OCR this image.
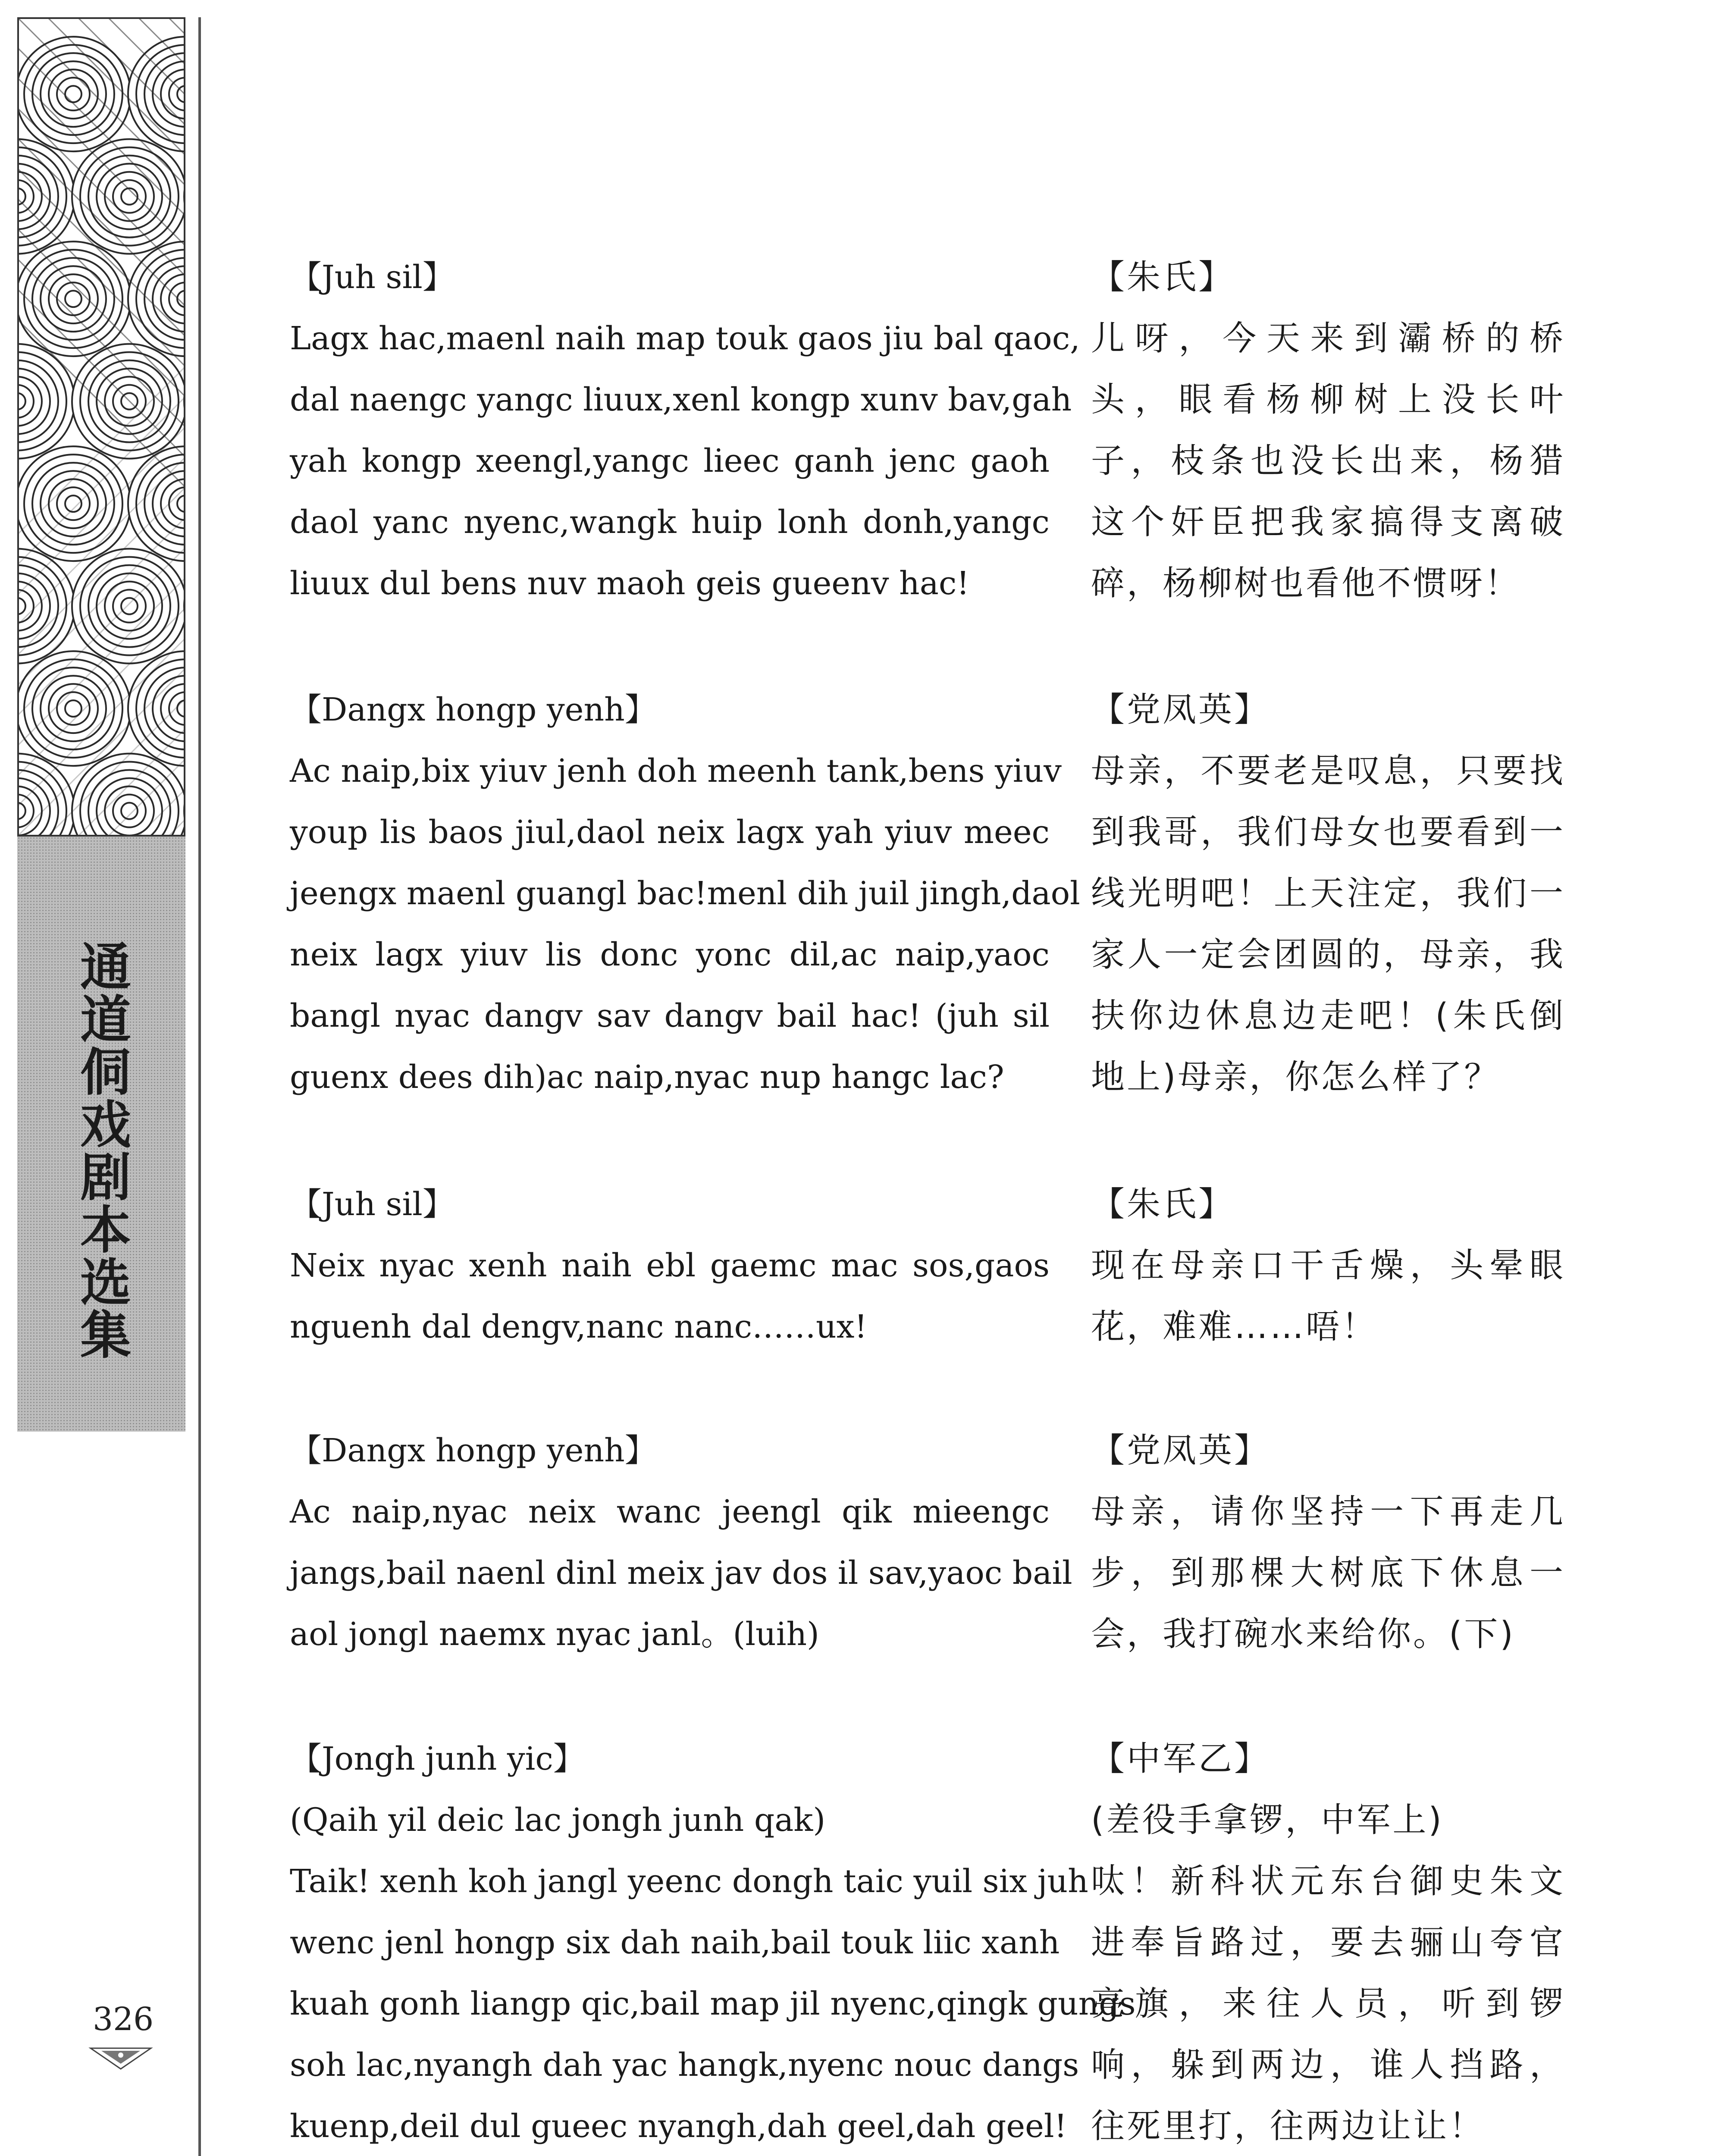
通道侗戏剧本选集
326
【Juh sil】
Lagx hac,maenl naih map touk gaos jiu bal qaoc,
dal naengc yangc liuux,xenl kongp xunv bav,gah
yah kongp xeengl,yangc lieec ganh jenc gaoh
daol yanc nyenc,wangk huip lonh donh,yangc
liuux dul bens nuv maoh geis gueenv hac!
【朱氏】
儿呀，今天来到灞桥的桥
头，眼看杨柳树上没长叶
子，枝条也没长出来，杨猎
这个奸臣把我家搞得支离破
碎，杨柳树也看他不惯呀！
【Dangx hongp yenh】
Ac naip,bix yiuv jenh doh meenh tank,bens yiuv
youp lis baos jiul,daol neix lagx yah yiuv meec
jeengx maenl guangl bac!menl dih juil jingh,daol
neix lagx yiuv lis donc yonc dil,ac naip,yaoc
bangl nyac dangv sav dangv bail hac! (juh sil
guenx dees dih)ac naip,nyac nup hangc lac?
【党凤英】
母亲，不要老是叹息，只要找
到我哥，我们母女也要看到一
线光明吧！上天注定，我们一
家人一定会团圆的，母亲，我
扶你边休息边走吧！(朱氏倒
地上)母亲，你怎么样了？
【Juh sil】
Neix nyac xenh naih ebl gaemc mac sos,gaos
nguenh dal dengv,nanc nanc……ux!
【朱氏】
现在母亲口干舌燥，头晕眼
花，难难……唔！
【Dangx hongp yenh】
Ac naip,nyac neix wanc jeengl qik mieengc
jangs,bail naenl dinl meix jav dos il sav,yaoc bail
aol jongl naemx nyac janl。(luih)
【党凤英】
母亲，请你坚持一下再走几
步，到那棵大树底下休息一
会，我打碗水来给你。(下)
【Jongh junh yic】
(Qaih yil deic lac jongh junh qak)
Taik! xenh koh jangl yeenc dongh taic yuil six juh
wenc jenl hongp six dah naih,bail touk liic xanh
kuah gonh liangp qic,bail map jil nyenc,qingk gungs
soh lac,nyangh dah yac hangk,nyenc nouc dangs
kuenp,deil dul gueec nyangh,dah geel,dah geel!
【中军乙】
(差役手拿锣，中军上)
呔！新科状元东台御史朱文
进奉旨路过，要去骊山夸官
亮旗，来往人员，听到锣
响，躲到两边，谁人挡路，
往死里打，往两边让让！
